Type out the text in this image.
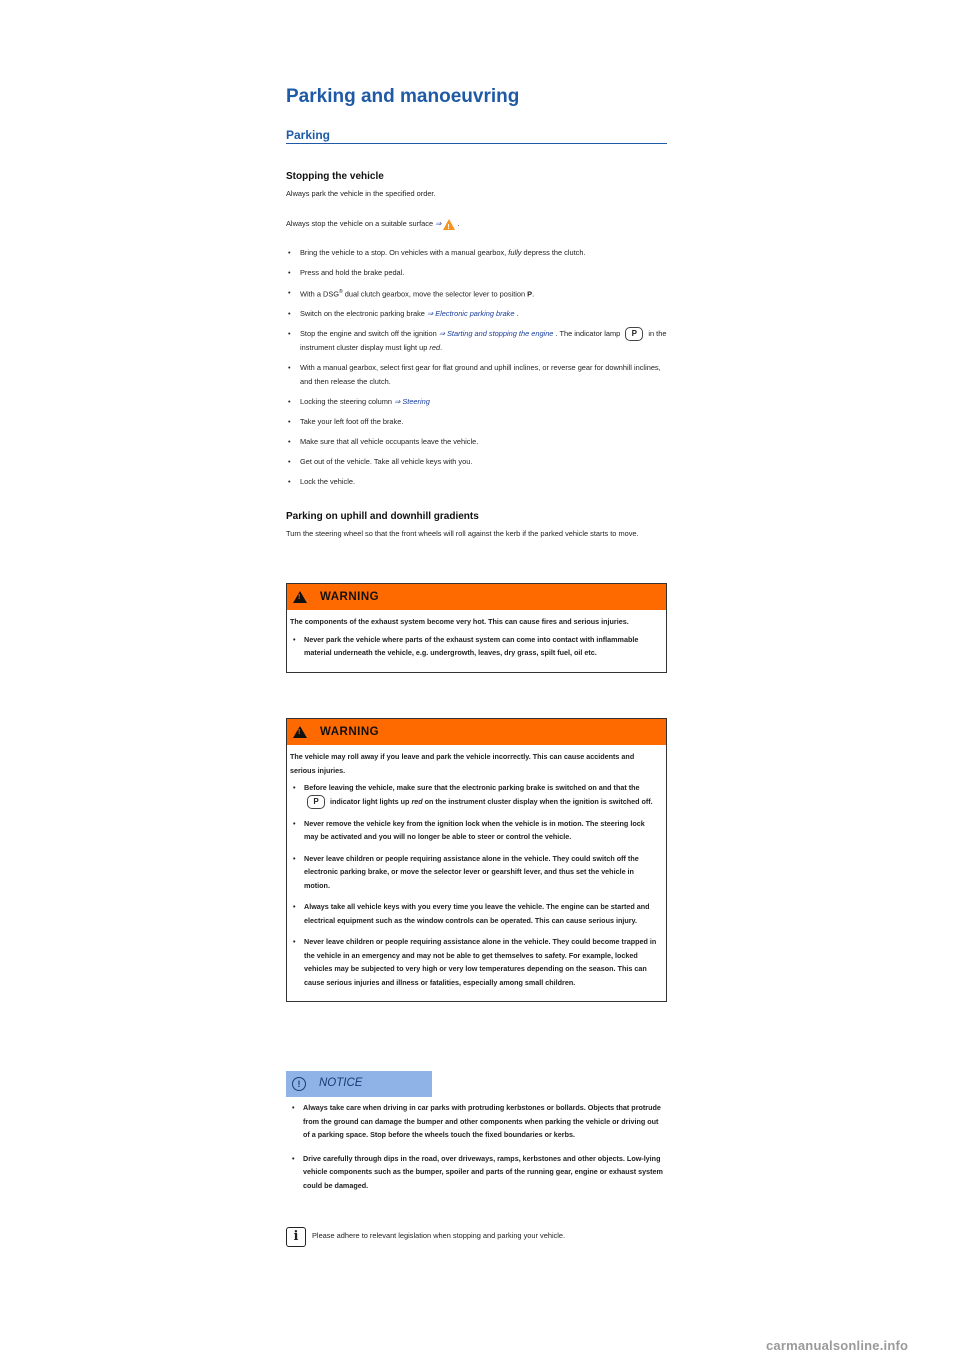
Parking and manoeuvring
Parking
Stopping the vehicle
Always park the vehicle in the specified order.
Always stop the vehicle on a suitable surface ⇒ ! .
• Bring the vehicle to a stop. On vehicles with a manual gearbox, fully depress the clutch.
• Press and hold the brake pedal.
• With a DSG® dual clutch gearbox, move the selector lever to position P.
• Switch on the electronic parking brake ⇒ Electronic parking brake .
• Stop the engine and switch off the ignition ⇒ Starting and stopping the engine . The indicator lamp P in the instrument cluster display must light up red.
• With a manual gearbox, select first gear for flat ground and uphill inclines, or reverse gear for downhill inclines, and then release the clutch.
• Locking the steering column ⇒ Steering
• Take your left foot off the brake.
• Make sure that all vehicle occupants leave the vehicle.
• Get out of the vehicle. Take all vehicle keys with you.
• Lock the vehicle.
Parking on uphill and downhill gradients
Turn the steering wheel so that the front wheels will roll against the kerb if the parked vehicle starts to move.
! WARNING
The components of the exhaust system become very hot. This can cause fires and serious injuries.
• Never park the vehicle where parts of the exhaust system can come into contact with inflammable material underneath the vehicle, e.g. undergrowth, leaves, dry grass, spilt fuel, oil etc.
! WARNING
The vehicle may roll away if you leave and park the vehicle incorrectly. This can cause accidents and serious injuries.
• Before leaving the vehicle, make sure that the electronic parking brake is switched on and that the P indicator light lights up red on the instrument cluster display when the ignition is switched off.
• Never remove the vehicle key from the ignition lock when the vehicle is in motion. The steering lock may be activated and you will no longer be able to steer or control the vehicle.
• Never leave children or people requiring assistance alone in the vehicle. They could switch off the electronic parking brake, or move the selector lever or gearshift lever, and thus set the vehicle in motion.
• Always take all vehicle keys with you every time you leave the vehicle. The engine can be started and electrical equipment such as the window controls can be operated. This can cause serious injury.
• Never leave children or people requiring assistance alone in the vehicle. They could become trapped in the vehicle in an emergency and may not be able to get themselves to safety. For example, locked vehicles may be subjected to very high or very low temperatures depending on the season. This can cause serious injuries and illness or fatalities, especially among small children.
!	NOTICE
• Always take care when driving in car parks with protruding kerbstones or bollards. Objects that protrude from the ground can damage the bumper and other components when parking the vehicle or driving out of a parking space. Stop before the wheels touch the fixed boundaries or kerbs.
• Drive carefully through dips in the road, over driveways, ramps, kerbstones and other objects. Low-lying vehicle components such as the bumper, spoiler and parts of the running gear, engine or exhaust system could be damaged.
i	Please adhere to relevant legislation when stopping and parking your vehicle.
carmanualsonline.info
